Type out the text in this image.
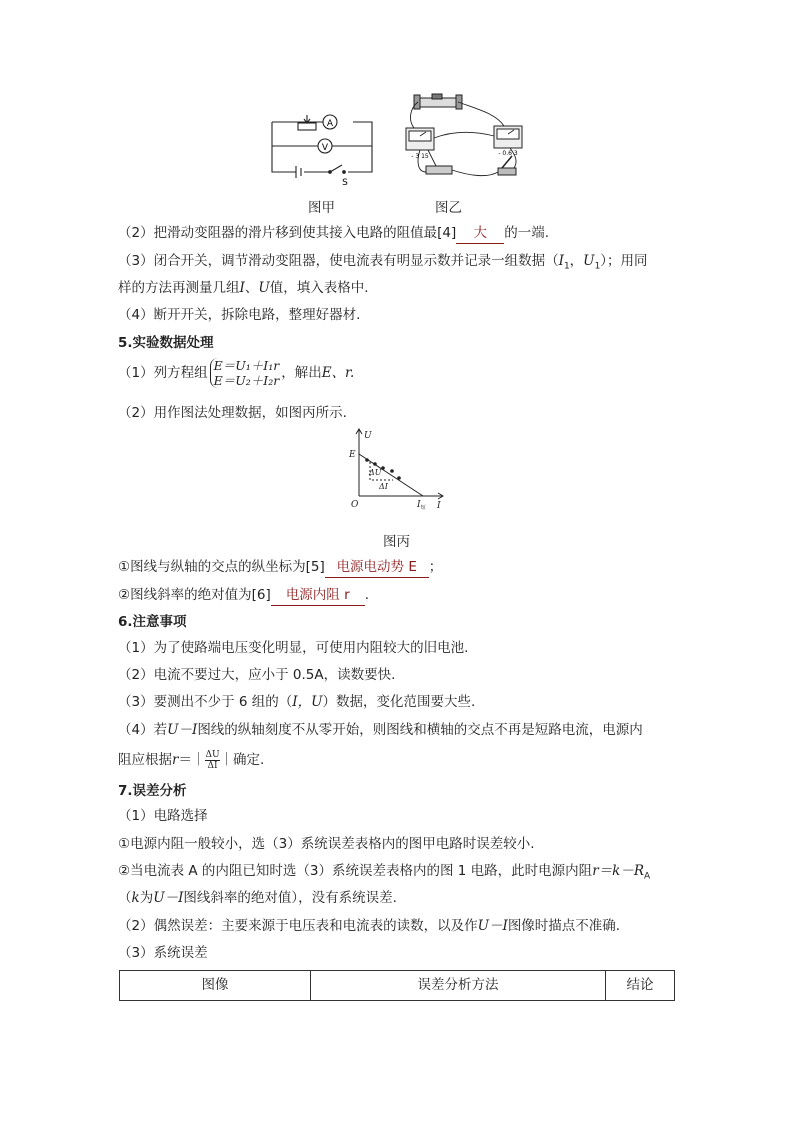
A
V
S
- 3 15	- 0.6 3
图甲	图乙
（2）把滑动变阻器的滑片移到使其接入电路的阻值最[4] 大 的一端.
（3）闭合开关，调节滑动变阻器，使电流表有明显示数并记录一组数据（$I_1$，$U_1$）；用同
样的方法再测量几组I、U值，填入表格中.
（4）断开开关，拆除电路，整理好器材.
5.实验数据处理
（1）列方程组 E＝U₁＋I₁r
E＝U₂＋I₂r ，解出E、r.
（2）用作图法处理数据，如图丙所示.
U
I
O
E
ΔU
ΔI
$I_短$
图丙
①图线与纵轴的交点的纵坐标为[5] 电源电动势 E ；
②图线斜率的绝对值为[6] 电源内阻 r .
6.注意事项
（1）为了使路端电压变化明显，可使用内阻较大的旧电池.
（2）电流不要过大，应小于 0.5A，读数要快.
（3）要测出不少于 6 组的（I，U）数据，变化范围要大些.
（4）若U－I图线的纵轴刻度不从零开始，则图线和横轴的交点不再是短路电流，电源内
阻应根据r＝｜ $\frac{\Delta U}{\Delta I}$ ｜确定.
7.误差分析
（1）电路选择
①电源内阻一般较小，选（3）系统误差表格内的图甲电路时误差较小.
②当电流表 A 的内阻已知时选（3）系统误差表格内的图 1 电路，此时电源内阻$r=k-R_A$
（k为U－I图线斜率的绝对值），没有系统误差.
（2）偶然误差：主要来源于电压表和电流表的读数，以及作U－I图像时描点不准确.
（3）系统误差
图像	误差分析方法	结论
